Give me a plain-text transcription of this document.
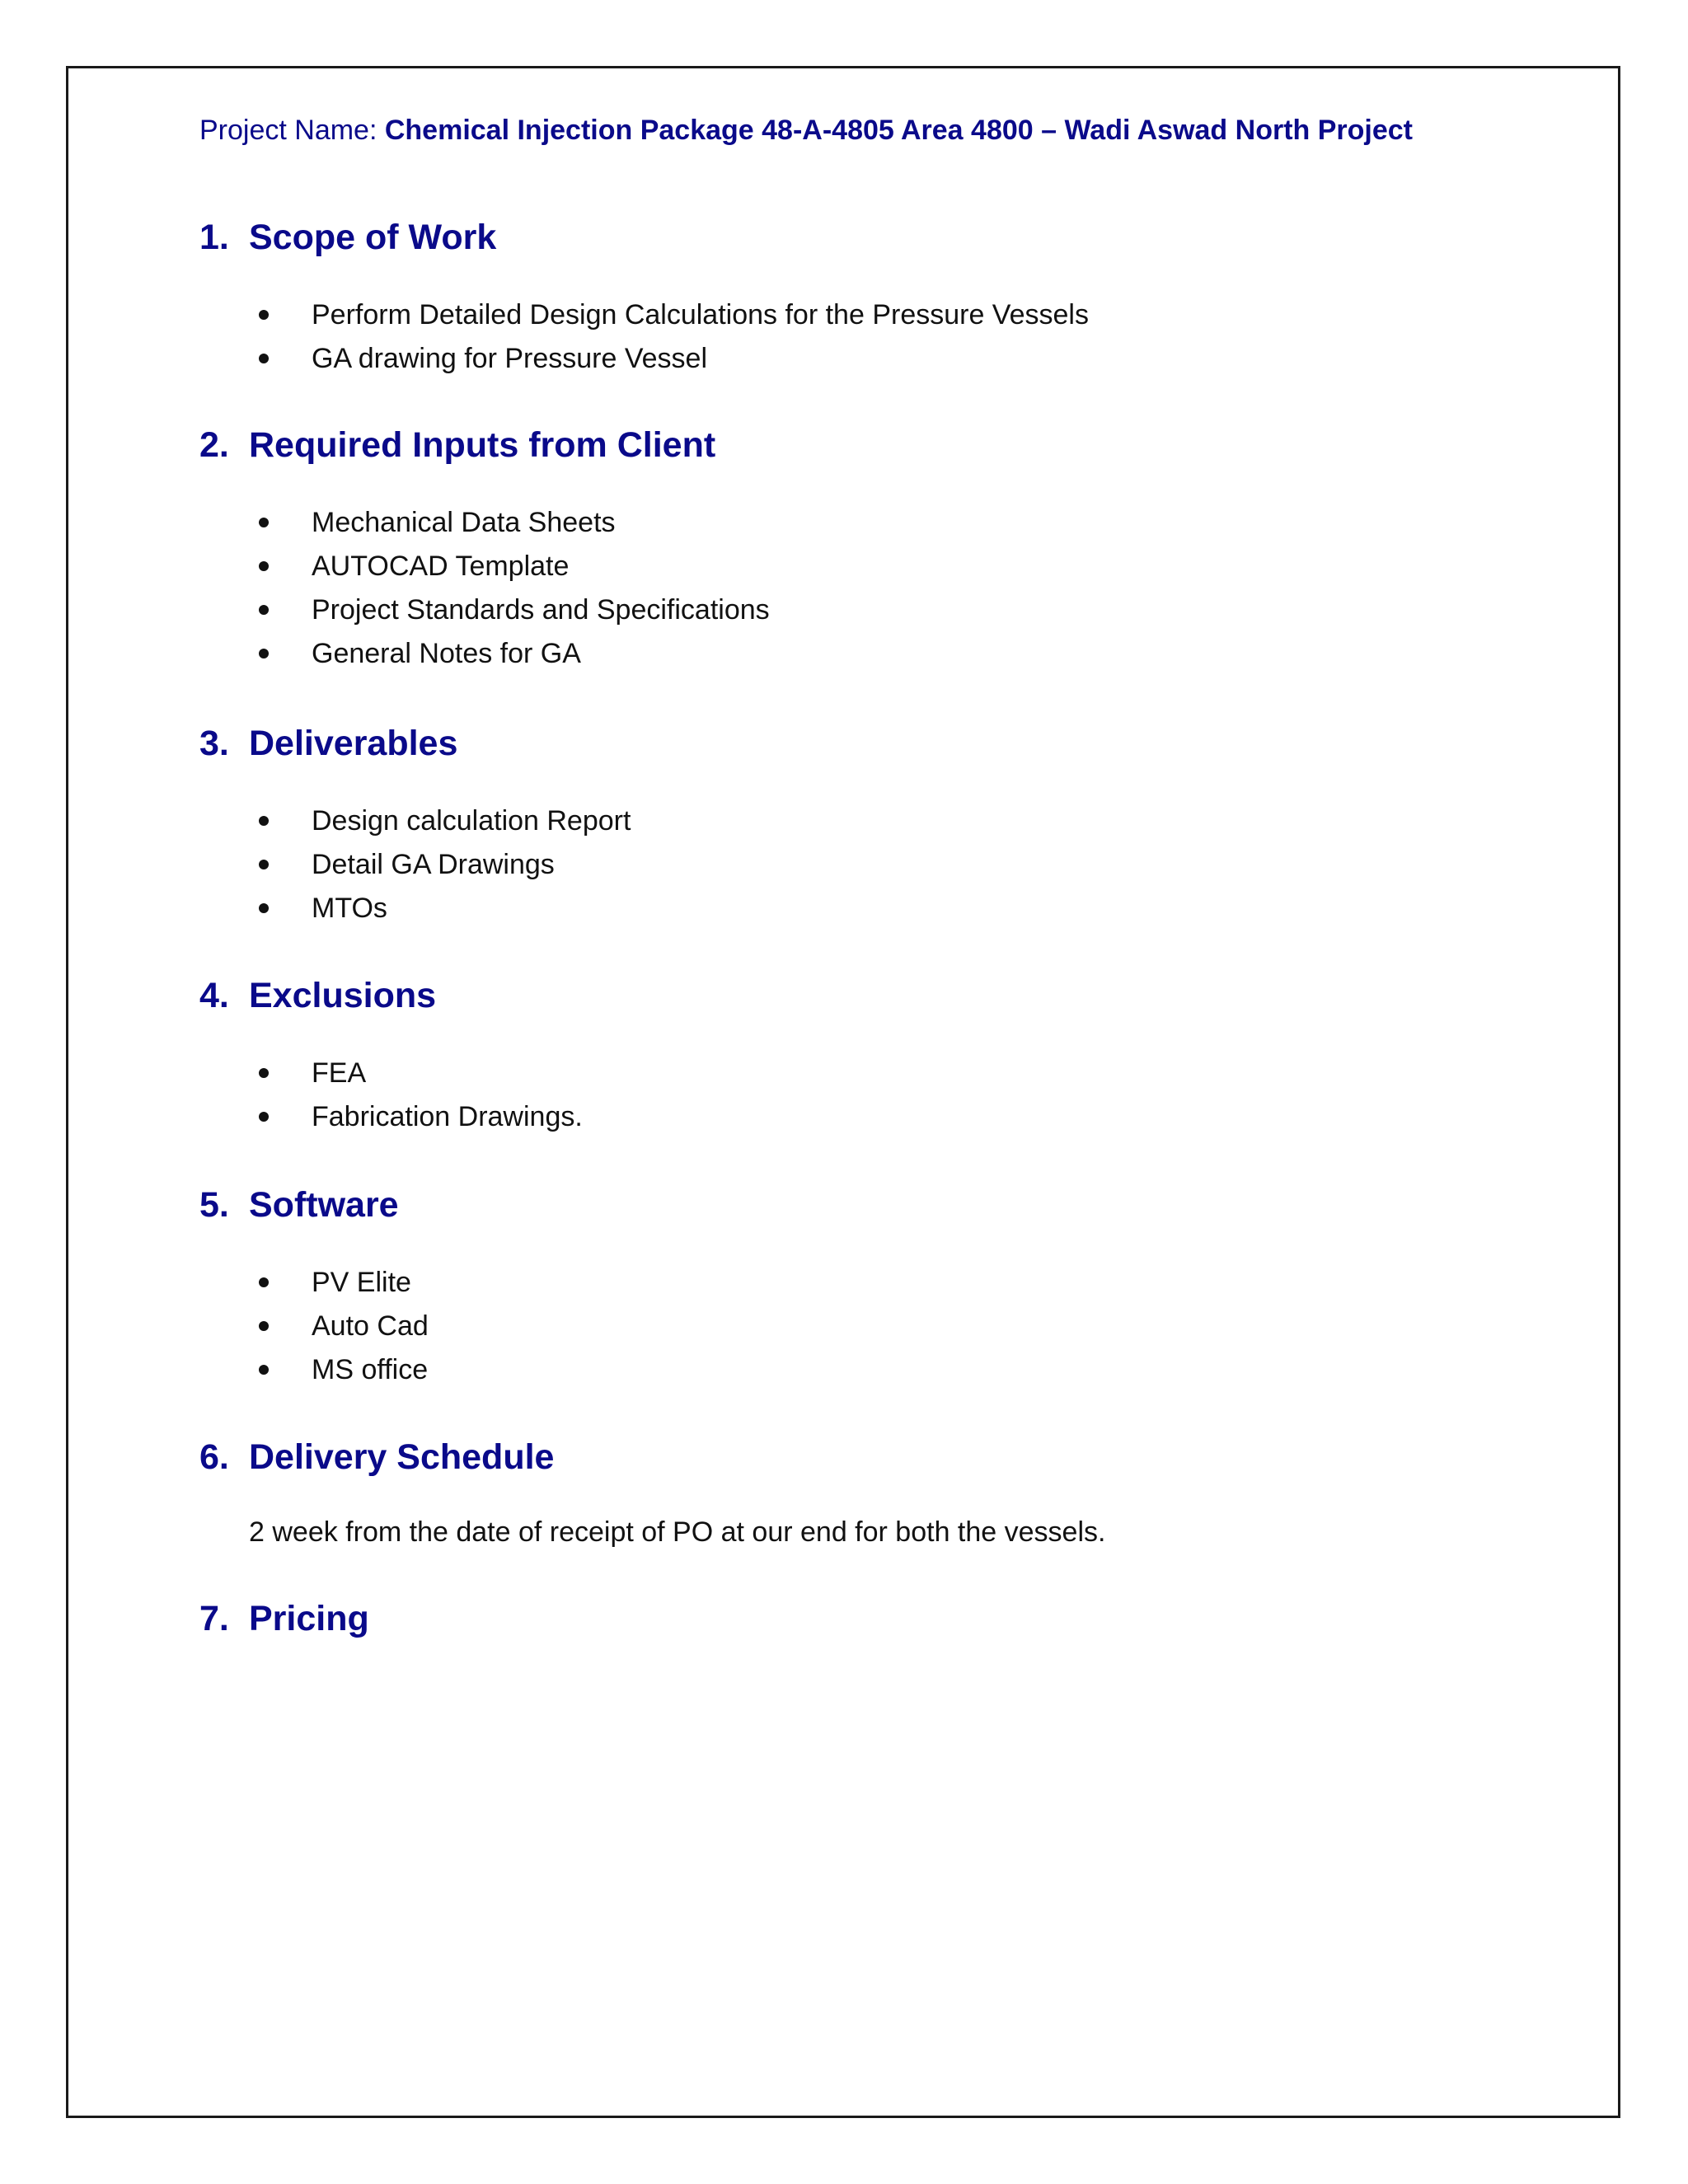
Project Name: Chemical Injection Package 48-A-4805 Area 4800 – Wadi Aswad North Project
1. Scope of Work
Perform Detailed Design Calculations for the Pressure Vessels
GA drawing for Pressure Vessel
2. Required Inputs from Client
Mechanical Data Sheets
AUTOCAD Template
Project Standards and Specifications
General Notes for GA
3. Deliverables
Design calculation Report
Detail GA Drawings
MTOs
4. Exclusions
FEA
Fabrication Drawings.
5. Software
PV Elite
Auto Cad
MS office
6. Delivery Schedule
2 week from the date of receipt of PO at our end for both the vessels.
7. Pricing
